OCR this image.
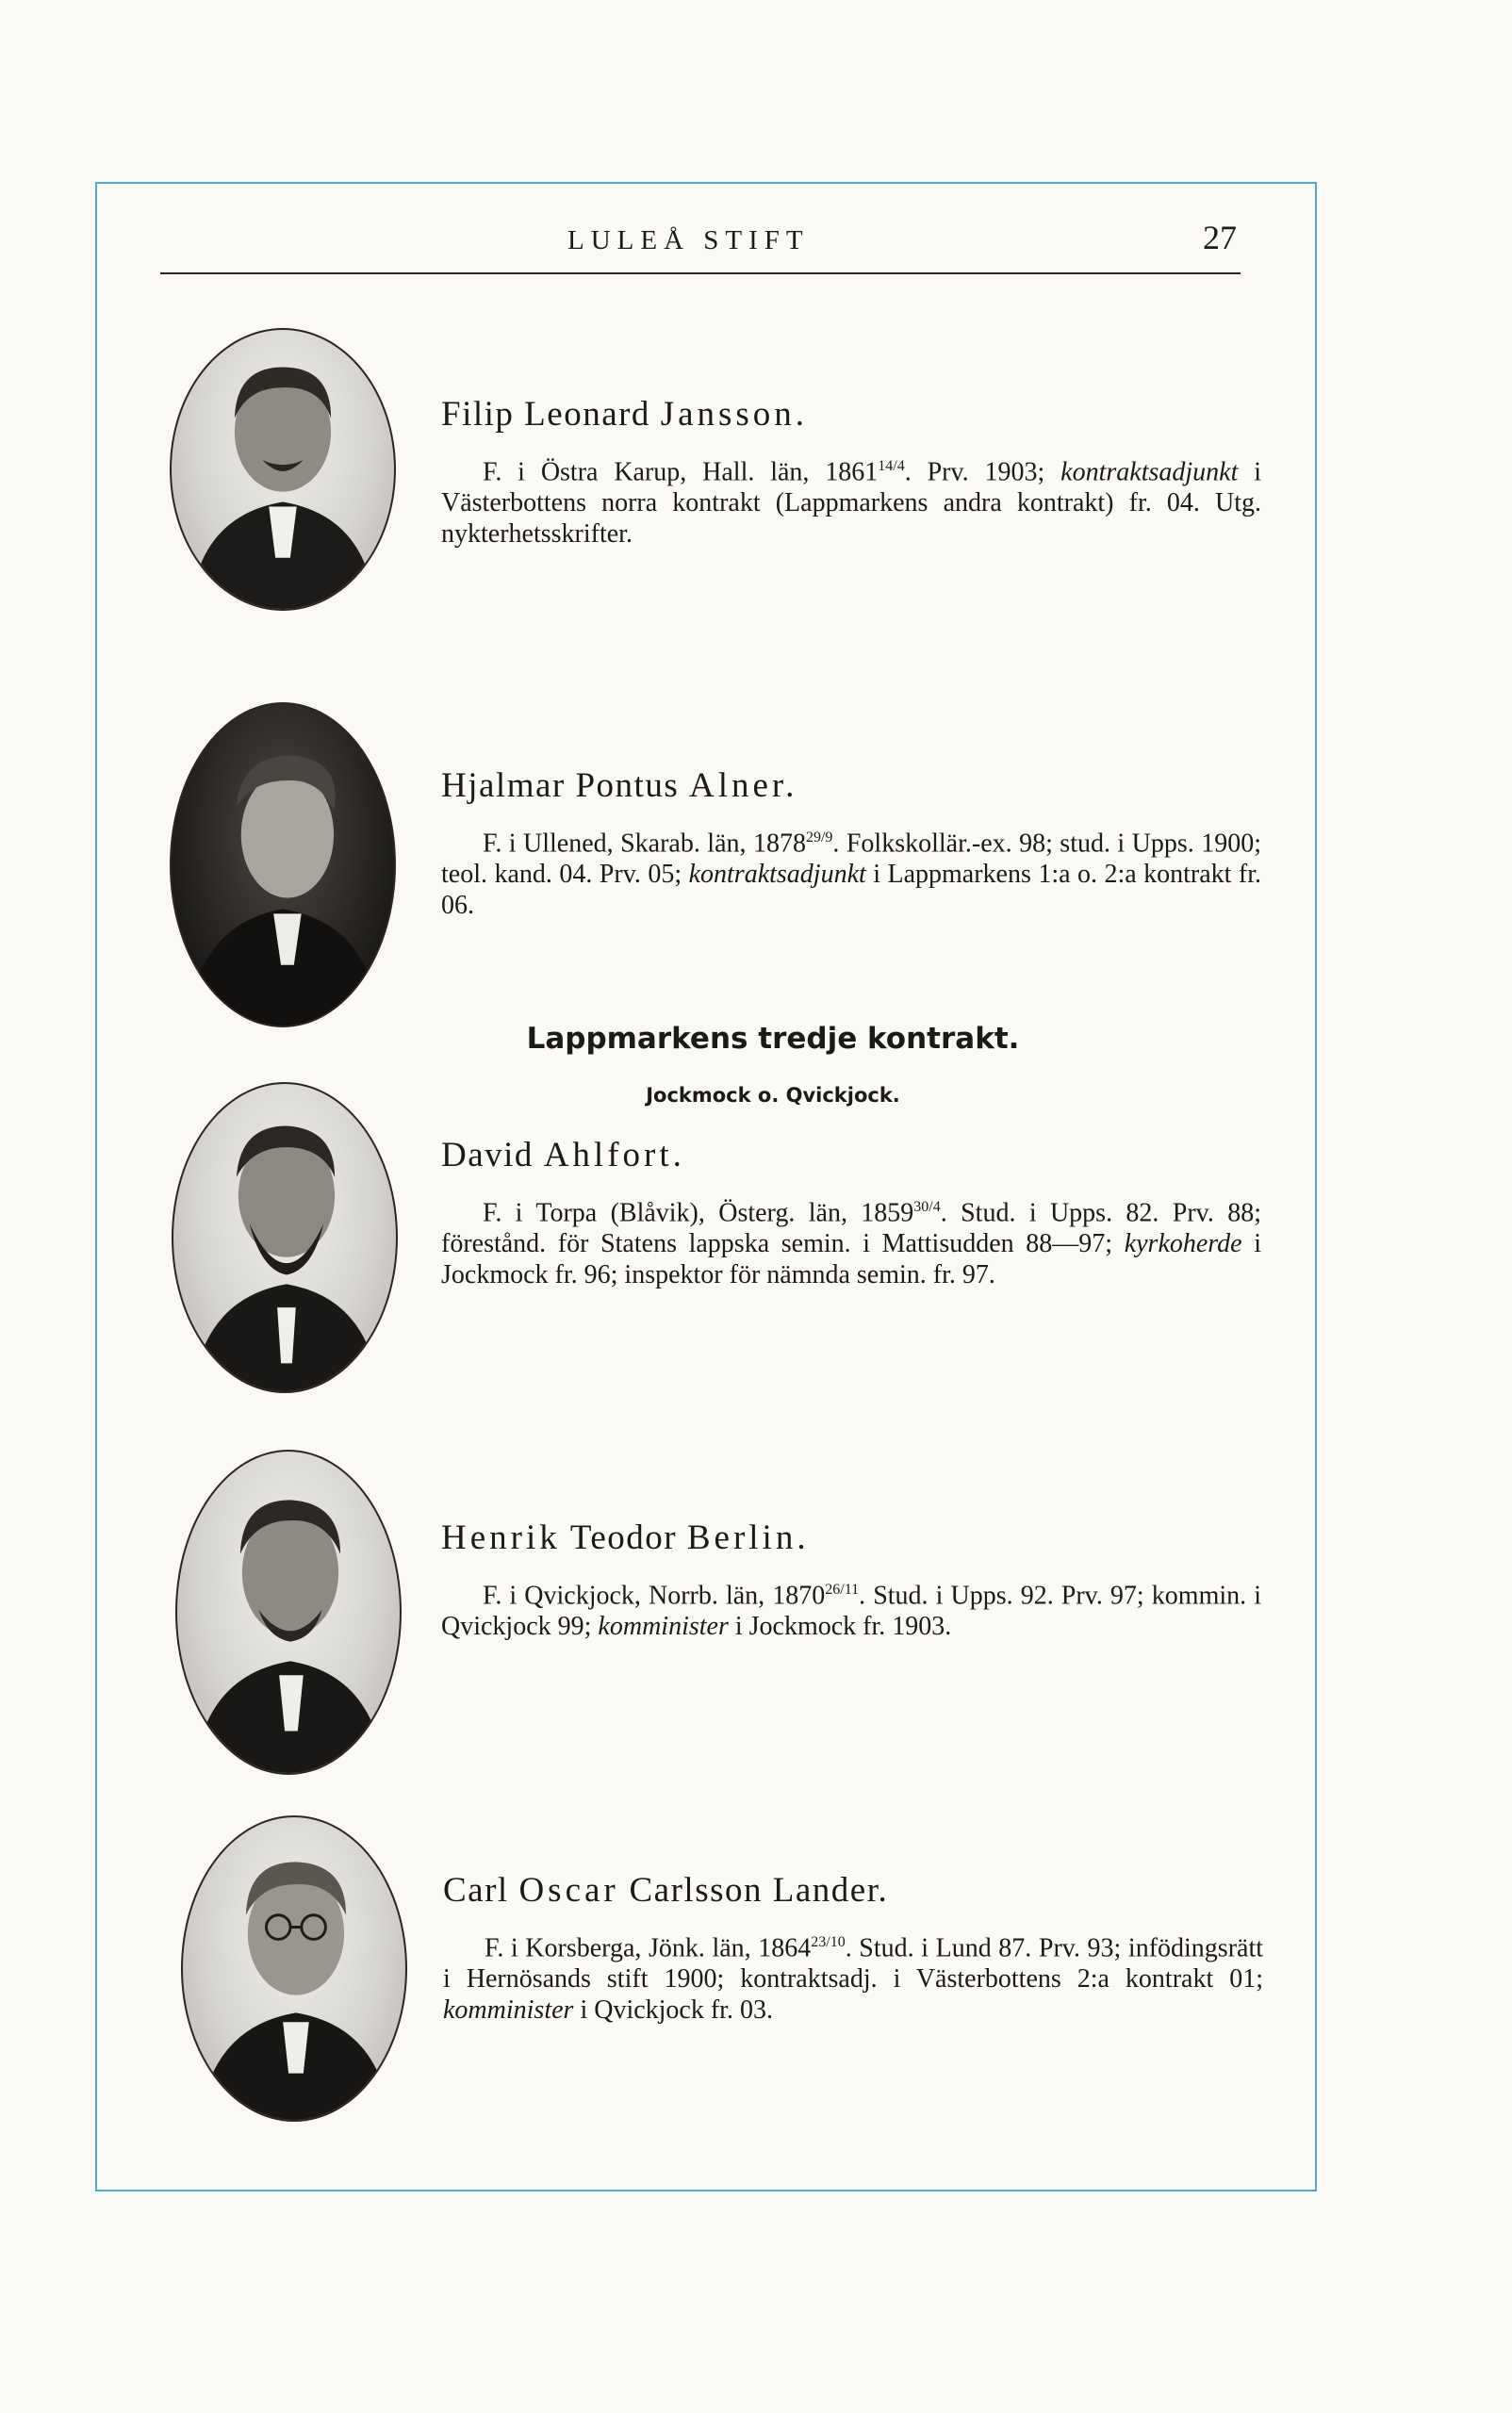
LULEÅ STIFT	27
Filip Leonard Jansson.
F. i Östra Karup, Hall. län, $1861^{14/4}$. Prv. 1903; kontraktsadjunkt i Västerbottens norra kontrakt (Lappmarkens andra kontrakt) fr. 04. Utg. nykterhetsskrifter.
Hjalmar Pontus Alner.
F. i Ullened, Skarab. län, $1878^{29/9}$. Folkskollär.-ex. 98; stud. i Upps. 1900; teol. kand. 04. Prv. 05; kontraktsadjunkt i Lappmarkens 1:a o. 2:a kontrakt fr. 06.
Lappmarkens tredje kontrakt.
Jockmock o. Qvickjock.
David Ahlfort.
F. i Torpa (Blåvik), Österg. län, $1859^{30/4}$. Stud. i Upps. 82. Prv. 88; förestånd. för Statens lappska semin. i Mattisudden 88—97; kyrkoherde i Jockmock fr. 96; inspektor för nämnda semin. fr. 97.
Henrik Teodor Berlin.
F. i Qvickjock, Norrb. län, $1870^{26/11}$. Stud. i Upps. 92. Prv. 97; kommin. i Qvickjock 99; komminister i Jockmock fr. 1903.
Carl Oscar Carlsson Lander.
F. i Korsberga, Jönk. län, $1864^{23/10}$. Stud. i Lund 87. Prv. 93; infödingsrätt i Hernösands stift 1900; kontraktsadj. i Västerbottens 2:a kontrakt 01; komminister i Qvickjock fr. 03.
